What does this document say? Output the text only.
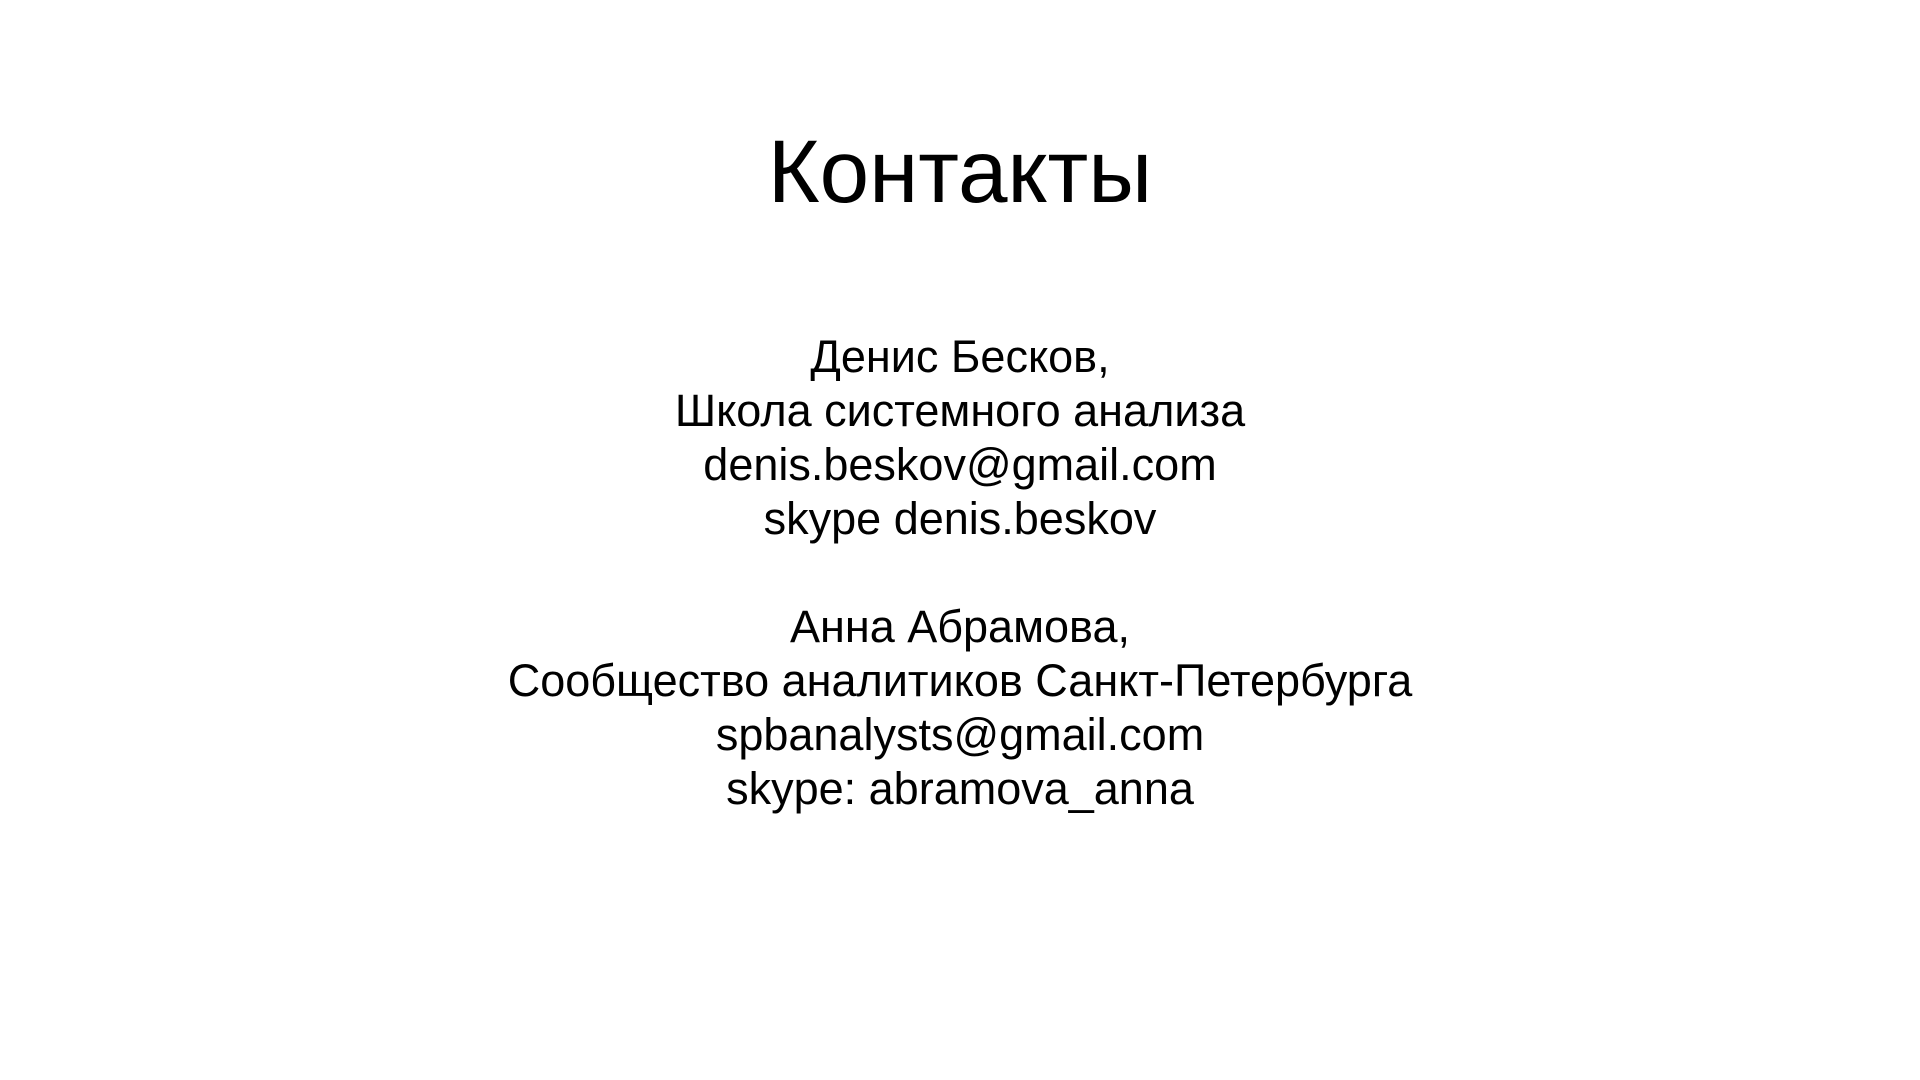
Контакты
Денис Бесков,
Школа системного анализа
denis.beskov@gmail.com
skype denis.beskov
Анна Абрамова,
Сообщество аналитиков Санкт-Петербурга
spbanalysts@gmail.com
skype: abramova_anna
